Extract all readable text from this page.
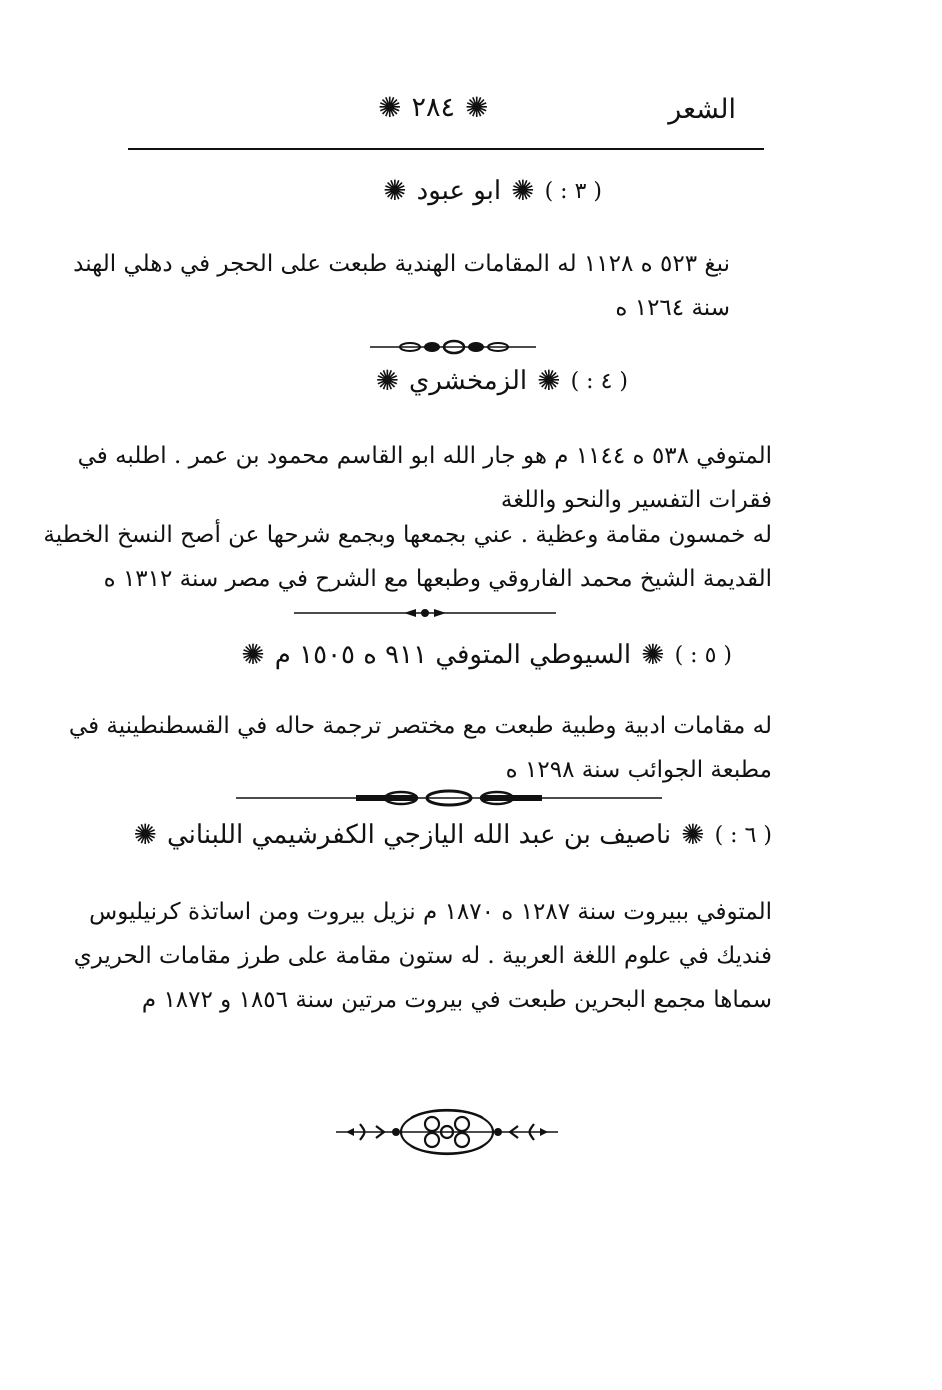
الشعر
✺
٢٨٤
✺
( ٣ : )
✺
ابو عبود
✺

نبغ ٥٢٣ ه ١١٢٨ له المقامات الهندية طبعت على الحجر في دهلي الهند

سنة ١٢٦٤ ه

( ٤ : )
✺
الزمخشري
✺

المتوفي ٥٣٨ ه ١١٤٤ م هو جار الله ابو القاسم محمود بن عمر . اطلبه في

فقرات التفسير والنحو واللغة

له خمسون مقامة وعظية . عني بجمعها وبجمع شرحها عن أصح النسخ الخطية

القديمة الشيخ محمد الفاروقي وطبعها مع الشرح في مصر سنة ١٣١٢ ه

( ٥ : )
✺
السيوطي المتوفي ٩١١ ه ١٥٠٥ م
✺

له مقامات ادبية وطبية طبعت مع مختصر ترجمة حاله في القسطنطينية في

مطبعة الجوائب سنة ١٢٩٨ ه

( ٦ : )
✺
ناصيف بن عبد الله اليازجي الكفرشيمي اللبناني
✺

المتوفي ببيروت سنة ١٢٨٧ ه ١٨٧٠ م نزيل بيروت ومن اساتذة كرنيليوس

فنديك في علوم اللغة العربية . له ستون مقامة على طرز مقامات الحريري

سماها مجمع البحرين طبعت في بيروت مرتين سنة ١٨٥٦ و ١٨٧٢ م
